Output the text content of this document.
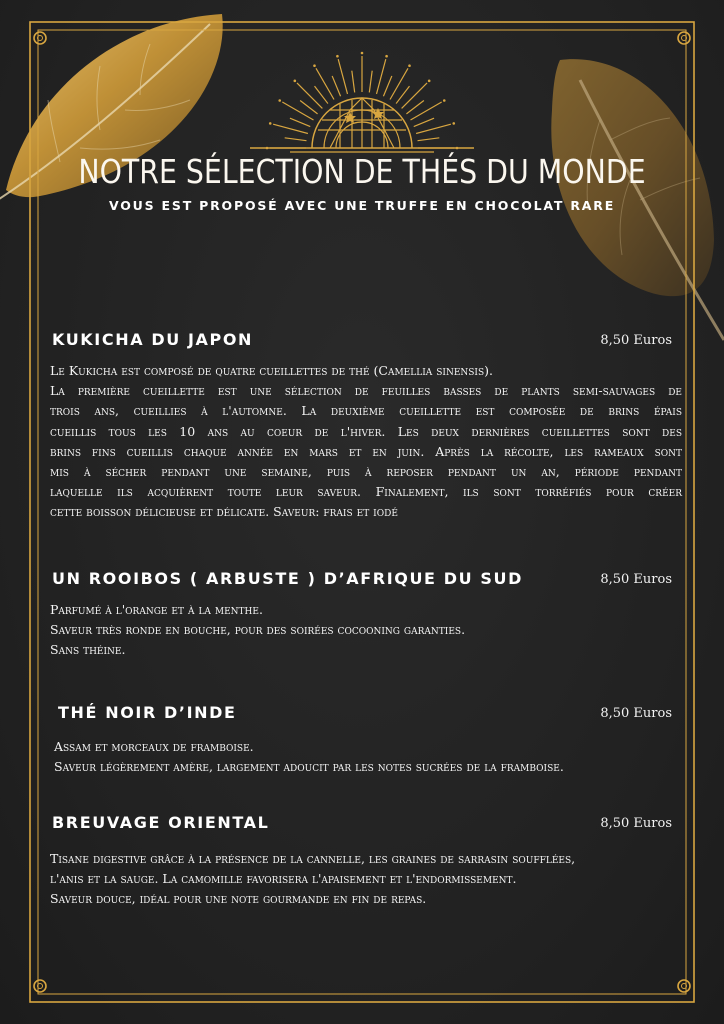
NOTRE SÉLECTION DE THÉS DU MONDE
VOUS EST PROPOSÉ AVEC UNE TRUFFE EN CHOCOLAT RARE
KUKICHA DU JAPON	8,50 Euros
Le Kukicha est composé de quatre cueillettes de thé (Camellia sinensis).
La première cueillette est une sélection de feuilles basses de plants semi-sauvages de
trois ans, cueillies à l'automne. La deuxième cueillette est composée de brins épais
cueillis tous les 10 ans au coeur de l'hiver. Les deux dernières cueillettes sont des
brins fins cueillis chaque année en mars et en juin. Après la récolte, les rameaux sont
mis à sécher pendant une semaine, puis à reposer pendant un an, période pendant
laquelle ils acquièrent toute leur saveur. Finalement, ils sont torréfiés pour créer
cette boisson délicieuse et délicate. Saveur: frais et iodé
UN ROOIBOS ( ARBUSTE ) D’AFRIQUE DU SUD	8,50 Euros
Parfumé à l'orange et à la menthe.
Saveur très ronde en bouche, pour des soirées cocooning garanties.
Sans théine.
THÉ NOIR D’INDE	8,50 Euros
Assam et morceaux de framboise.
Saveur légèrement amère, largement adoucit par les notes sucrées de la framboise.
BREUVAGE ORIENTAL	8,50 Euros
Tisane digestive grâce à la présence de la cannelle, les graines de sarrasin soufflées,
l'anis et la sauge. La camomille favorisera l'apaisement et l'endormissement.
Saveur douce, idéal pour une note gourmande en fin de repas.
